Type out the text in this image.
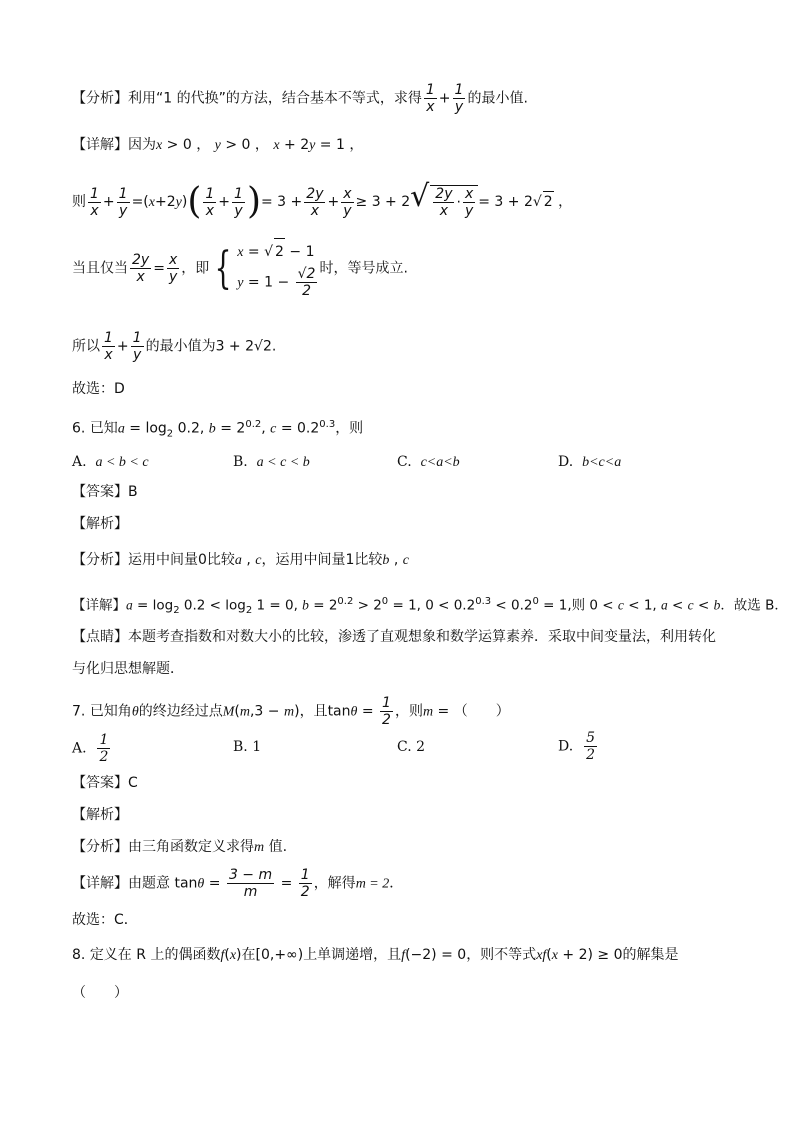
【分析】利用“1 的代换”的方法，结合基本不等式，求得 $\frac{1}{x} + \frac{1}{y}$ 的最小值.
【详解】因为x > 0 ， y > 0 ， x + 2y = 1 ，
则 $\frac{1}{x} + \frac{1}{y} =(x+2y)( \frac{1}{x} + \frac{1}{y}$ )= $3 + \frac{2y}{x} + \frac{x}{y} \ge 3 + 2√ \frac{2y}{x} \cdot \frac{x}{y} = 3 + 2√$ 2 ，
当且仅当 $\frac{2y}{x} = \frac{x}{y}$ ，即 { x = √ 2 − 1
$y = 1 - \frac{√2}{2}$ 时，等号成立.
所以 $\frac{1}{x} + \frac{1}{y}$ 的最小值为3 + 2√2.
故选：D
6. 已知$a = \log_2 0.2$, $b = 2^{0.2}$, $c = 0.2^{0.3}$，则
A. a < b < c	B. a < c < b	C. c<a<b	D. b<c<a
【答案】B
【解析】
【分析】运用中间量0比较a , c，运用中间量1比较b , c
【详解】$a = \log_2 0.2 < \log_2 1 = 0$, $b = 2^{0.2} > 2^0 = 1$, $0 < 0.2^{0.3} < 0.2^0 = 1$,则 0 < c < 1, a < c < b．故选 B．
【点睛】本题考查指数和对数大小的比较，渗透了直观想象和数学运算素养．采取中间变量法，利用转化
与化归思想解题．
7. 已知角θ的终边经过点M(m,3 − m)，且$\tan\theta = \frac{1}{2}$ ，则m = （　　）
A. $\frac{1}{2}$	B. 1	C. 2	D. $\frac{5}{2}$
【答案】C
【解析】
【分析】由三角函数定义求得m 值.
【详解】由题意 $\tan\theta = \frac{3 - m}{m} = \frac{1}{2}$ ，解得m = 2．
故选：C．
8. 定义在 R 上的偶函数f(x)在[0,+∞)上单调递增，且f(−2) = 0，则不等式xf(x + 2) ≥ 0的解集是
（　　）
